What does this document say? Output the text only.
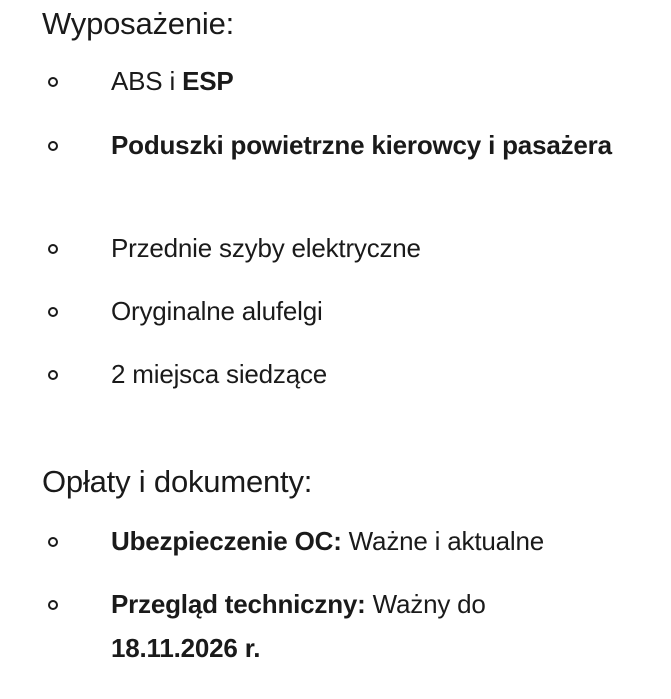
Wyposażenie:
ABS i ESP
Poduszki powietrzne kierowcy i pasażera
Przednie szyby elektryczne
Oryginalne alufelgi
2 miejsca siedzące
Opłaty i dokumenty:
Ubezpieczenie OC: Ważne i aktualne
Przegląd techniczny: Ważny do 18.11.2026 r.
